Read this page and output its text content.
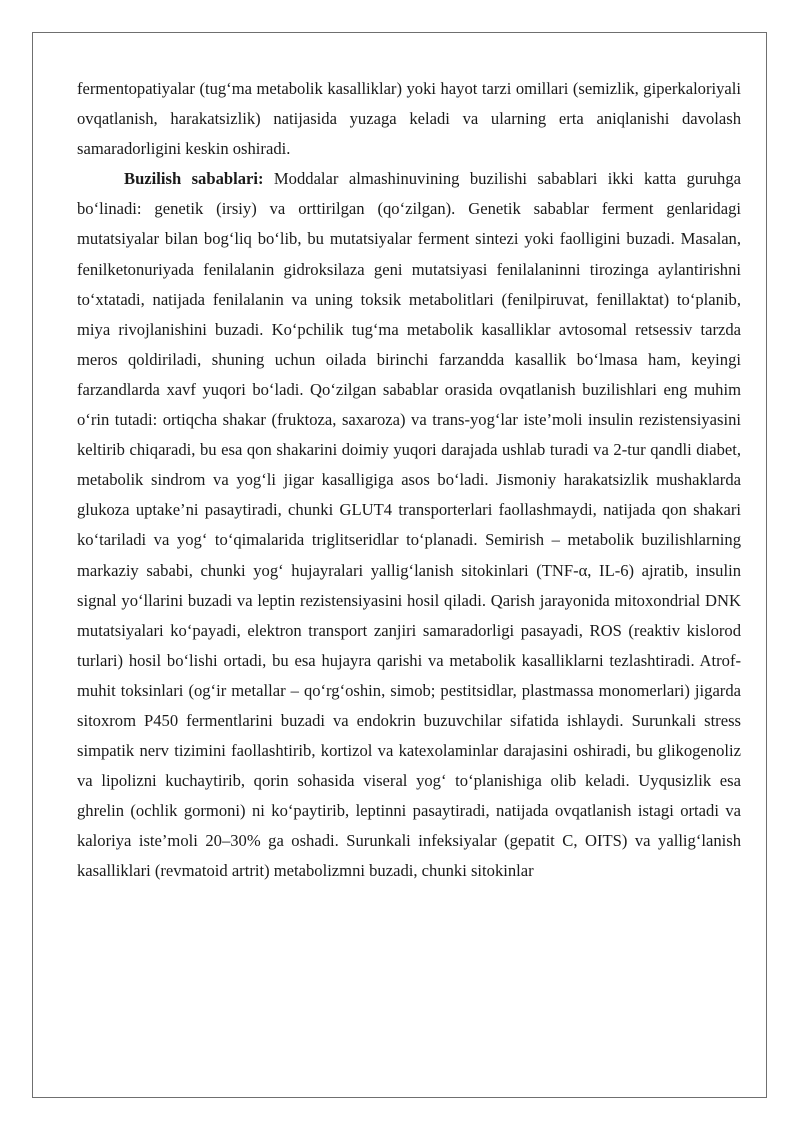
fermentopatiyalar (tug‘ma metabolik kasalliklar) yoki hayot tarzi omillari (semizlik, giperkaloriyali ovqatlanish, harakatsizlik) natijasida yuzaga keladi va ularning erta aniqlanishi davolash samaradorligini keskin oshiradi.

Buzilish sabablari: Moddalar almashinuvining buzilishi sabablari ikki katta guruhga bo‘linadi: genetik (irsiy) va orttirilgan (qo‘zilgan). Genetik sabablar ferment genlaridagi mutatsiyalar bilan bog‘liq bo‘lib, bu mutatsiyalar ferment sintezi yoki faolligini buzadi. Masalan, fenilketonuriyada fenilalanin gidroksilaza geni mutatsiyasi fenilalaninni tirozinga aylantirishni to‘xtatadi, natijada fenilalanin va uning toksik metabolitlari (fenilpiruvat, fenillaktat) to‘planib, miya rivojlanishini buzadi. Ko‘pchilik tug‘ma metabolik kasalliklar avtosomal retsessiv tarzda meros qoldiriladi, shuning uchun oilada birinchi farzandda kasallik bo‘lmasa ham, keyingi farzandlarda xavf yuqori bo‘ladi. Qo‘zilgan sabablar orasida ovqatlanish buzilishlari eng muhim o‘rin tutadi: ortiqcha shakar (fruktoza, saxaroza) va trans-yog‘lar iste’moli insulin rezistensiyasini keltirib chiqaradi, bu esa qon shakarini doimiy yuqori darajada ushlab turadi va 2-tur qandli diabet, metabolik sindrom va yog‘li jigar kasalligiga asos bo‘ladi. Jismoniy harakatsizlik mushaklarda glukoza uptake’ni pasaytiradi, chunki GLUT4 transporterlari faollashmaydi, natijada qon shakari ko‘tariladi va yog‘ to‘qimalarida triglitseridlar to‘planadi. Semirish – metabolik buzilishlarning markaziy sababi, chunki yog‘ hujayralari yallig‘lanish sitokinlari (TNF-α, IL-6) ajratib, insulin signal yo‘llarini buzadi va leptin rezistensiyasini hosil qiladi. Qarish jarayonida mitoxondrial DNK mutatsiyalari ko‘payadi, elektron transport zanjiri samaradorligi pasayadi, ROS (reaktiv kislorod turlari) hosil bo‘lishi ortadi, bu esa hujayra qarishi va metabolik kasalliklarni tezlashtiradi. Atrof-muhit toksinlari (og‘ir metallar – qo‘rg‘oshin, simob; pestitsidlar, plastmassa monomerlari) jigarda sitoxrom P450 fermentlarini buzadi va endokrin buzuvchilar sifatida ishlaydi. Surunkali stress simpatik nerv tizimini faollashtirib, kortizol va katexolaminlar darajasini oshiradi, bu glikogenoliz va lipolizni kuchaytirib, qorin sohasida viseral yog‘ to‘planishiga olib keladi. Uyqusizlik esa ghrelin (ochlik gormoni) ni ko‘paytirib, leptinni pasaytiradi, natijada ovqatlanish istagi ortadi va kaloriya iste’moli 20–30% ga oshadi. Surunkali infeksiyalar (gepatit C, OITS) va yallig‘lanish kasalliklari (revmatoid artrit) metabolizmni buzadi, chunki sitokinlar
